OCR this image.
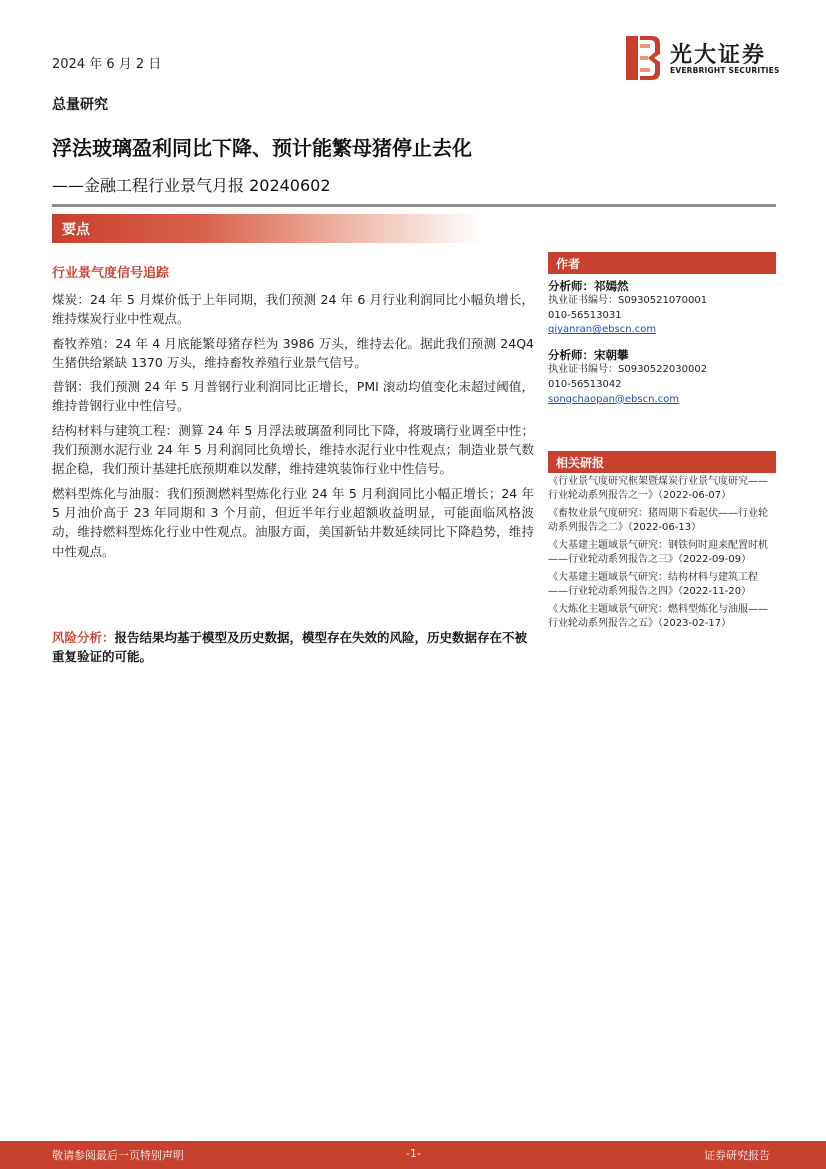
2024 年 6 月 2 日	光大证券
EVERBRIGHT SECURITIES
总量研究
浮法玻璃盈利同比下降、预计能繁母猪停止去化
——金融工程行业景气月报 20240602
要点
行业景气度信号追踪

煤炭：24 年 5 月煤价低于上年同期，我们预测 24 年 6 月行业利润同比小幅负增长，维持煤炭行业中性观点。

畜牧养殖：24 年 4 月底能繁母猪存栏为 3986 万头，维持去化。据此我们预测 24Q4 生猪供给紧缺 1370 万头，维持畜牧养殖行业景气信号。

普钢：我们预测 24 年 5 月普钢行业利润同比正增长，PMI 滚动均值变化未超过阈值，维持普钢行业中性信号。

结构材料与建筑工程：测算 24 年 5 月浮法玻璃盈利同比下降，将玻璃行业调至中性；我们预测水泥行业 24 年 5 月利润同比负增长，维持水泥行业中性观点；制造业景气数据企稳，我们预计基建托底预期难以发酵，维持建筑装饰行业中性信号。

燃料型炼化与油服：我们预测燃料型炼化行业 24 年 5 月利润同比小幅正增长；24 年 5 月油价高于 23 年同期和 3 个月前，但近半年行业超额收益明显，可能面临风格波动，维持燃料型炼化行业中性观点。油服方面，美国新钻井数延续同比下降趋势，维持中性观点。

风险分析：报告结果均基于模型及历史数据，模型存在失效的风险，历史数据存在不被重复验证的可能。
作者
分析师：祁嫣然
执业证书编号：S0930521070001
010-56513031
qiyanran@ebscn.com
分析师：宋朝攀
执业证书编号：S0930522030002
010-56513042
songchaopan@ebscn.com
相关研报
《行业景气度研究框架暨煤炭行业景气度研究——行业轮动系列报告之一》（2022-06-07）
《畜牧业景气度研究：猪周期下看起伏——行业轮动系列报告之二》（2022-06-13）
《大基建主题域景气研究：钢铁何时迎来配置时机——行业轮动系列报告之三》（2022-09-09）
《大基建主题域景气研究：结构材料与建筑工程——行业轮动系列报告之四》（2022-11-20）
《大炼化主题域景气研究：燃料型炼化与油服——行业轮动系列报告之五》（2023-02-17）
敬请参阅最后一页特别声明	-1-	证券研究报告
